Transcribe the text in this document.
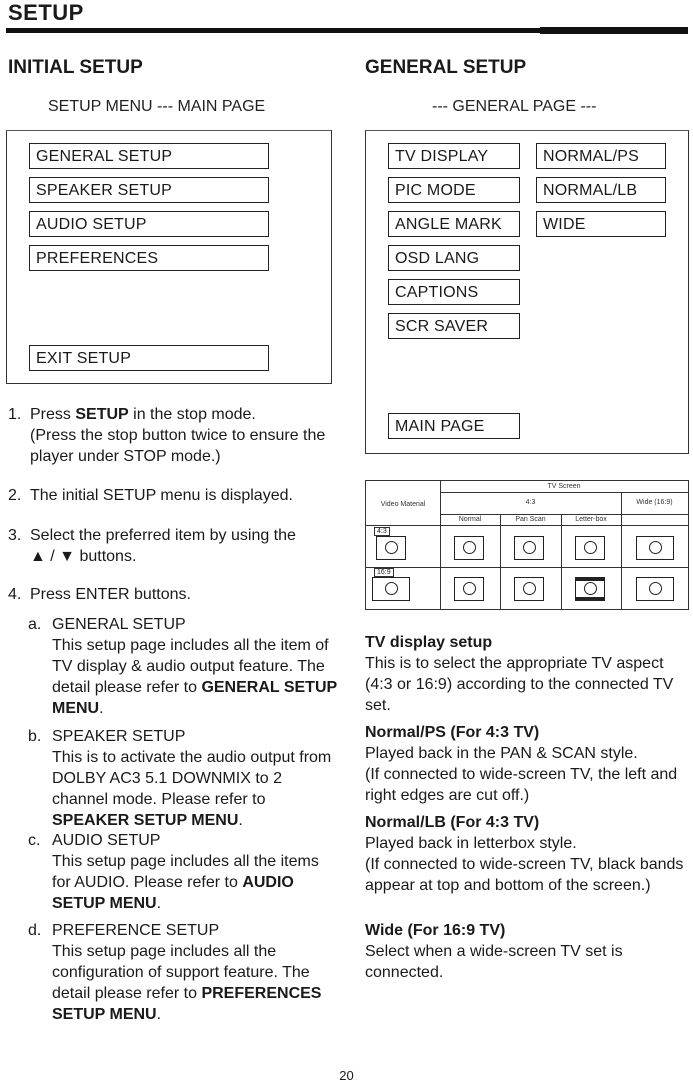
SETUP
INITIAL SETUP
SETUP MENU --- MAIN PAGE
GENERAL SETUP
SPEAKER SETUP
AUDIO SETUP
PREFERENCES
EXIT SETUP
1. Press SETUP in the stop mode.

(Press the stop button twice to ensure the player under STOP mode.)

2. The initial SETUP menu is displayed.
3. Select the preferred item by using the

▲ / ▼ buttons.

4. Press ENTER buttons.
a. GENERAL SETUP

This setup page includes all the item of TV display & audio output feature. The detail please refer to GENERAL SETUP MENU.

b. SPEAKER SETUP

This is to activate the audio output from DOLBY AC3 5.1 DOWNMIX to 2 channel mode. Please refer to SPEAKER SETUP MENU.

c. AUDIO SETUP

This setup page includes all the items for AUDIO. Please refer to AUDIO SETUP MENU.

d. PREFERENCE SETUP

This setup page includes all the configuration of support feature. The detail please refer to PREFERENCES SETUP MENU.

GENERAL SETUP
--- GENERAL PAGE ---
TV DISPLAY
PIC MODE
ANGLE MARK
OSD LANG
CAPTIONS
SCR SAVER
MAIN PAGE
NORMAL/PS
NORMAL/LB
WIDE
TV Screen
Video Material	4:3	Wide (16:9)
Normal	Pan Scan	Letter-box
4:3
16:9
TV display setup

This is to select the appropriate TV aspect (4:3 or 16:9) according to the connected TV set.

Normal/PS (For 4:3 TV)

Played back in the PAN & SCAN style.

(If connected to wide-screen TV, the left and right edges are cut off.)

Normal/LB (For 4:3 TV)

Played back in letterbox style.

(If connected to wide-screen TV, black bands appear at top and bottom of the screen.)

Wide (For 16:9 TV)

Select when a wide-screen TV set is connected.

20
